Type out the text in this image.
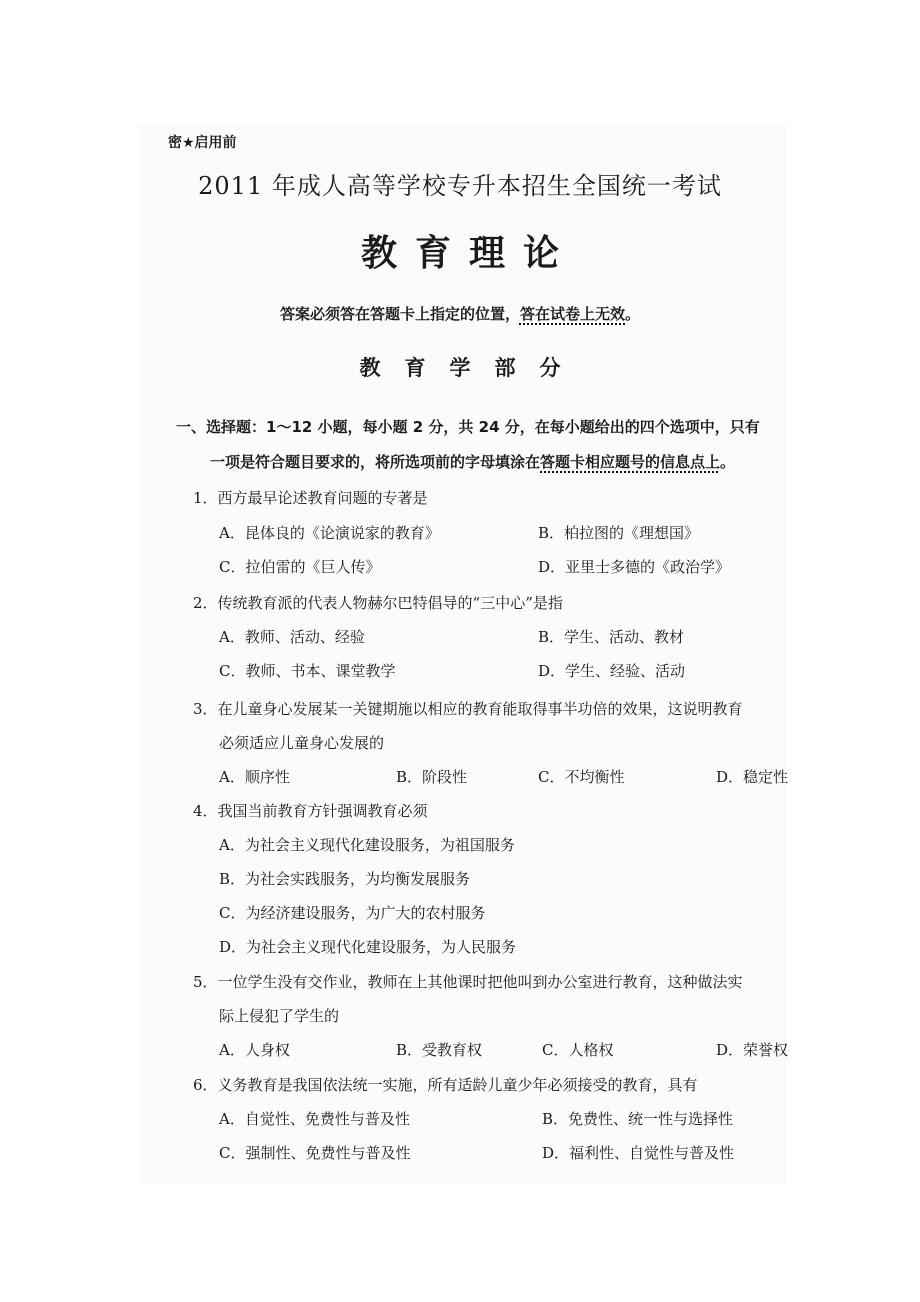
密★启用前
2011 年成人高等学校专升本招生全国统一考试
教育理论
答案必须答在答题卡上指定的位置，答在试卷上无效。
教育学部分
一、选择题：1～12 小题，每小题 2 分，共 24 分，在每小题给出的四个选项中，只有
一项是符合题目要求的，将所选项前的字母填涂在答题卡相应题号的信息点上。
1．西方最早论述教育问题的专著是
A．昆体良的《论演说家的教育》	B．柏拉图的《理想国》
C．拉伯雷的《巨人传》	D．亚里士多德的《政治学》
2．传统教育派的代表人物赫尔巴特倡导的“三中心”是指
A．教师、活动、经验	B．学生、活动、教材
C．教师、书本、课堂教学	D．学生、经验、活动
3．在儿童身心发展某一关键期施以相应的教育能取得事半功倍的效果，这说明教育
必须适应儿童身心发展的
A．顺序性	B．阶段性	C．不均衡性	D．稳定性
4．我国当前教育方针强调教育必须
A．为社会主义现代化建设服务，为祖国服务
B．为社会实践服务，为均衡发展服务
C．为经济建设服务，为广大的农村服务
D．为社会主义现代化建设服务，为人民服务
5．一位学生没有交作业，教师在上其他课时把他叫到办公室进行教育，这种做法实
际上侵犯了学生的
A．人身权	B．受教育权	C．人格权	D．荣誉权
6．义务教育是我国依法统一实施，所有适龄儿童少年必须接受的教育，具有
A．自觉性、免费性与普及性	B．免费性、统一性与选择性
C．强制性、免费性与普及性	D．福利性、自觉性与普及性
